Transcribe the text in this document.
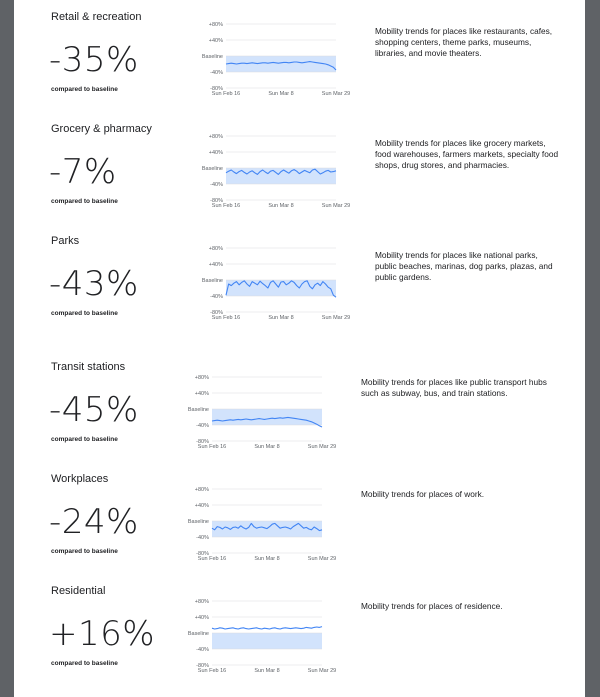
Retail & recreation
-35%
compared to baseline
+80%
+40%
Baseline
-40%
-80%
Sun Feb 16	Sun Mar 8	Sun Mar 29
Mobility trends for places like restaurants, cafes, shopping centers, theme parks, museums, libraries, and movie theaters.
Grocery & pharmacy
-7%
compared to baseline
+80%
+40%
Baseline
-40%
-80%
Sun Feb 16	Sun Mar 8	Sun Mar 29
Mobility trends for places like grocery markets, food warehouses, farmers markets, specialty food shops, drug stores, and pharmacies.
Parks
-43%
compared to baseline
+80%
+40%
Baseline
-40%
-80%
Sun Feb 16	Sun Mar 8	Sun Mar 29
Mobility trends for places like national parks, public beaches, marinas, dog parks, plazas, and public gardens.
Transit stations
-45%
compared to baseline
+80%
+40%
Baseline
-40%
-80%
Sun Feb 16	Sun Mar 8	Sun Mar 29
Mobility trends for places like public transport hubs such as subway, bus, and train stations.
Workplaces
-24%
compared to baseline
+80%
+40%
Baseline
-40%
-80%
Sun Feb 16	Sun Mar 8	Sun Mar 29
Mobility trends for places of work.
Residential
+16%
compared to baseline
+80%
+40%
Baseline
-40%
-80%
Sun Feb 16	Sun Mar 8	Sun Mar 29
Mobility trends for places of residence.
